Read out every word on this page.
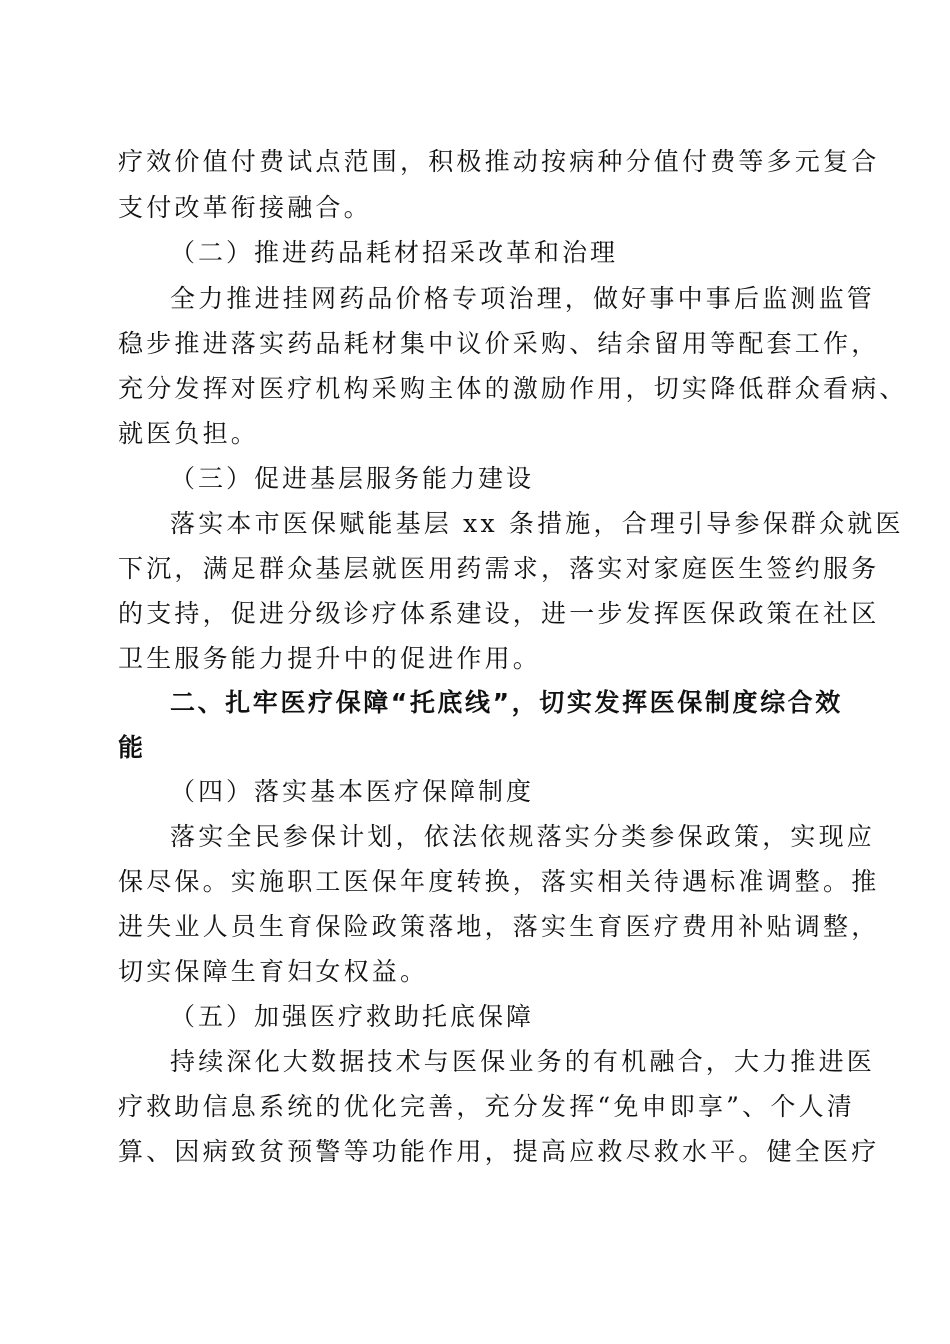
疗效价值付费试点范围，积极推动按病种分值付费等多元复合
支付改革衔接融合。
（二）推进药品耗材招采改革和治理
全力推进挂网药品价格专项治理，做好事中事后监测监管
稳步推进落实药品耗材集中议价采购、结余留用等配套工作，
充分发挥对医疗机构采购主体的激励作用，切实降低群众看病、
就医负担。
（三）促进基层服务能力建设
落实本市医保赋能基层 xx 条措施，合理引导参保群众就医
下沉，满足群众基层就医用药需求，落实对家庭医生签约服务
的支持，促进分级诊疗体系建设，进一步发挥医保政策在社区
卫生服务能力提升中的促进作用。
二、扎牢医疗保障“托底线”，切实发挥医保制度综合效
能
（四）落实基本医疗保障制度
落实全民参保计划，依法依规落实分类参保政策，实现应
保尽保。实施职工医保年度转换，落实相关待遇标准调整。推
进失业人员生育保险政策落地，落实生育医疗费用补贴调整，
切实保障生育妇女权益。
（五）加强医疗救助托底保障
持续深化大数据技术与医保业务的有机融合，大力推进医
疗救助信息系统的优化完善，充分发挥“免申即享”、个人清
算、因病致贫预警等功能作用，提高应救尽救水平。健全医疗
